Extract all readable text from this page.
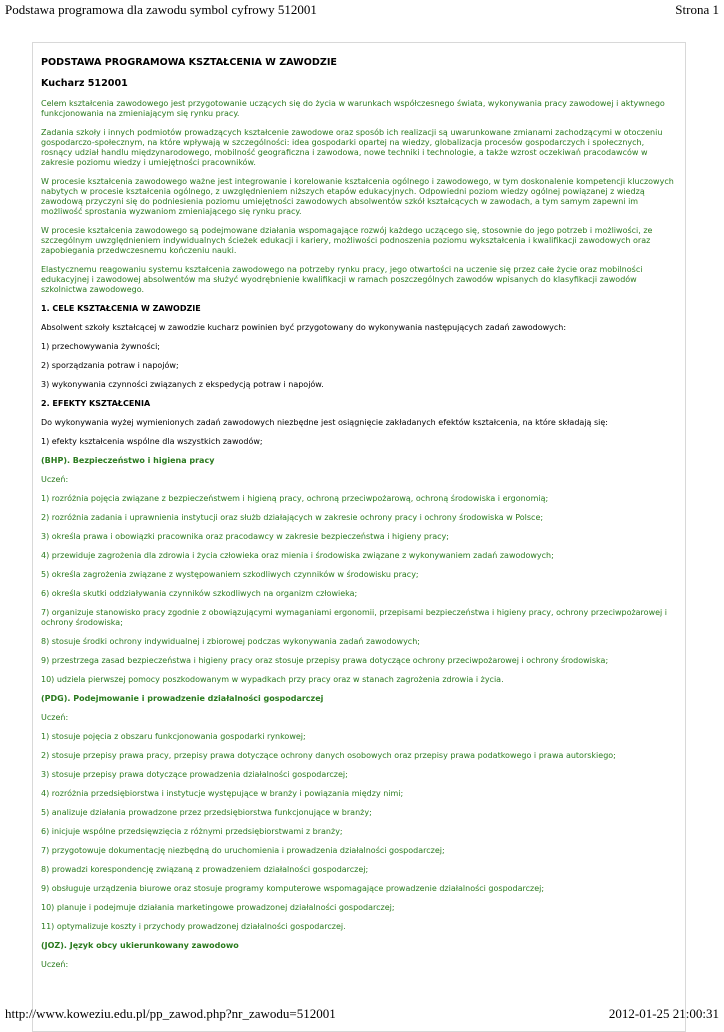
Podstawa programowa dla zawodu symbol cyfrowy 512001	Strona 1

PODSTAWA PROGRAMOWA KSZTAŁCENIA W ZAWODZIE

Kucharz 512001

Celem kształcenia zawodowego jest przygotowanie uczących się do życia w warunkach współczesnego świata, wykonywania pracy zawodowej i aktywnego funkcjonowania na zmieniającym się rynku pracy.

Zadania szkoły i innych podmiotów prowadzących kształcenie zawodowe oraz sposób ich realizacji są uwarunkowane zmianami zachodzącymi w otoczeniu gospodarczo-społecznym, na które wpływają w szczególności: idea gospodarki opartej na wiedzy, globalizacja procesów gospodarczych i społecznych, rosnący udział handlu międzynarodowego, mobilność geograficzna i zawodowa, nowe techniki i technologie, a także wzrost oczekiwań pracodawców w zakresie poziomu wiedzy i umiejętności pracowników.

W procesie kształcenia zawodowego ważne jest integrowanie i korelowanie kształcenia ogólnego i zawodowego, w tym doskonalenie kompetencji kluczowych nabytych w procesie kształcenia ogólnego, z uwzględnieniem niższych etapów edukacyjnych. Odpowiedni poziom wiedzy ogólnej powiązanej z wiedzą zawodową przyczyni się do podniesienia poziomu umiejętności zawodowych absolwentów szkół kształcących w zawodach, a tym samym zapewni im możliwość sprostania wyzwaniom zmieniającego się rynku pracy.

W procesie kształcenia zawodowego są podejmowane działania wspomagające rozwój każdego uczącego się, stosownie do jego potrzeb i możliwości, ze szczególnym uwzględnieniem indywidualnych ścieżek edukacji i kariery, możliwości podnoszenia poziomu wykształcenia i kwalifikacji zawodowych oraz zapobiegania przedwczesnemu kończeniu nauki.

Elastycznemu reagowaniu systemu kształcenia zawodowego na potrzeby rynku pracy, jego otwartości na uczenie się przez całe życie oraz mobilności edukacyjnej i zawodowej absolwentów ma służyć wyodrębnienie kwalifikacji w ramach poszczególnych zawodów wpisanych do klasyfikacji zawodów szkolnictwa zawodowego.

1. CELE KSZTAŁCENIA W ZAWODZIE

Absolwent szkoły kształcącej w zawodzie kucharz powinien być przygotowany do wykonywania następujących zadań zawodowych:

1) przechowywania żywności;

2) sporządzania potraw i napojów;

3) wykonywania czynności związanych z ekspedycją potraw i napojów.

2. EFEKTY KSZTAŁCENIA

Do wykonywania wyżej wymienionych zadań zawodowych niezbędne jest osiągnięcie zakładanych efektów kształcenia, na które składają się:

1) efekty kształcenia wspólne dla wszystkich zawodów;

(BHP). Bezpieczeństwo i higiena pracy

Uczeń:

1) rozróżnia pojęcia związane z bezpieczeństwem i higieną pracy, ochroną przeciwpożarową, ochroną środowiska i ergonomią;

2) rozróżnia zadania i uprawnienia instytucji oraz służb działających w zakresie ochrony pracy i ochrony środowiska w Polsce;

3) określa prawa i obowiązki pracownika oraz pracodawcy w zakresie bezpieczeństwa i higieny pracy;

4) przewiduje zagrożenia dla zdrowia i życia człowieka oraz mienia i środowiska związane z wykonywaniem zadań zawodowych;

5) określa zagrożenia związane z występowaniem szkodliwych czynników w środowisku pracy;

6) określa skutki oddziaływania czynników szkodliwych na organizm człowieka;

7) organizuje stanowisko pracy zgodnie z obowiązującymi wymaganiami ergonomii, przepisami bezpieczeństwa i higieny pracy, ochrony przeciwpożarowej i ochrony środowiska;

8) stosuje środki ochrony indywidualnej i zbiorowej podczas wykonywania zadań zawodowych;

9) przestrzega zasad bezpieczeństwa i higieny pracy oraz stosuje przepisy prawa dotyczące ochrony przeciwpożarowej i ochrony środowiska;

10) udziela pierwszej pomocy poszkodowanym w wypadkach przy pracy oraz w stanach zagrożenia zdrowia i życia.

(PDG). Podejmowanie i prowadzenie działalności gospodarczej

Uczeń:

1) stosuje pojęcia z obszaru funkcjonowania gospodarki rynkowej;

2) stosuje przepisy prawa pracy, przepisy prawa dotyczące ochrony danych osobowych oraz przepisy prawa podatkowego i prawa autorskiego;

3) stosuje przepisy prawa dotyczące prowadzenia działalności gospodarczej;

4) rozróżnia przedsiębiorstwa i instytucje występujące w branży i powiązania między nimi;

5) analizuje działania prowadzone przez przedsiębiorstwa funkcjonujące w branży;

6) inicjuje wspólne przedsięwzięcia z różnymi przedsiębiorstwami z branży;

7) przygotowuje dokumentację niezbędną do uruchomienia i prowadzenia działalności gospodarczej;

8) prowadzi korespondencję związaną z prowadzeniem działalności gospodarczej;

9) obsługuje urządzenia biurowe oraz stosuje programy komputerowe wspomagające prowadzenie działalności gospodarczej;

10) planuje i podejmuje działania marketingowe prowadzonej działalności gospodarczej;

11) optymalizuje koszty i przychody prowadzonej działalności gospodarczej.

(JOZ). Język obcy ukierunkowany zawodowo

Uczeń:

http://www.koweziu.edu.pl/pp_zawod.php?nr_zawodu=512001	2012-01-25 21:00:31
